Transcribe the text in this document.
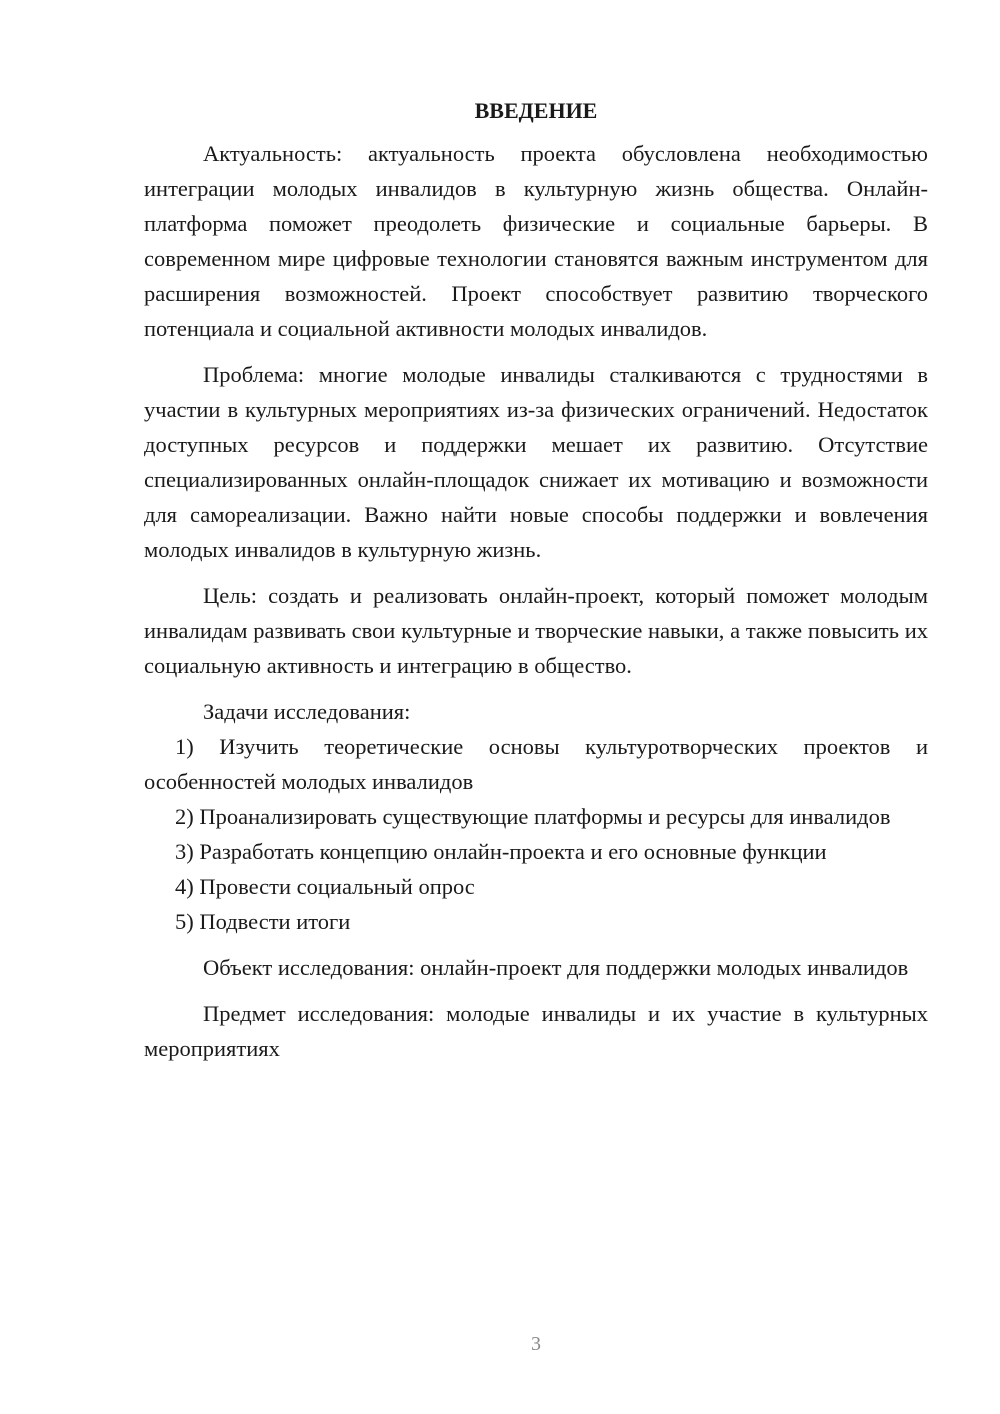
ВВЕДЕНИЕ

Актуальность: актуальность проекта обусловлена необходимостью интеграции молодых инвалидов в культурную жизнь общества. Онлайн-платформа поможет преодолеть физические и социальные барьеры. В современном мире цифровые технологии становятся важным инструментом для расширения возможностей. Проект способствует развитию творческого потенциала и социальной активности молодых инвалидов.

Проблема: многие молодые инвалиды сталкиваются с трудностями в участии в культурных мероприятиях из-за физических ограничений. Недостаток доступных ресурсов и поддержки мешает их развитию. Отсутствие специализированных онлайн-площадок снижает их мотивацию и возможности для самореализации. Важно найти новые способы поддержки и вовлечения молодых инвалидов в культурную жизнь.

Цель: создать и реализовать онлайн-проект, который поможет молодым инвалидам развивать свои культурные и творческие навыки, а также повысить их социальную активность и интеграцию в общество.

Задачи исследования:

1) Изучить теоретические основы культуротворческих проектов и особенностей молодых инвалидов

2) Проанализировать существующие платформы и ресурсы для инвалидов

3) Разработать концепцию онлайн-проекта и его основные функции

4) Провести социальный опрос

5) Подвести итоги

Объект исследования: онлайн-проект для поддержки молодых инвалидов

Предмет исследования: молодые инвалиды и их участие в культурных мероприятиях

3
